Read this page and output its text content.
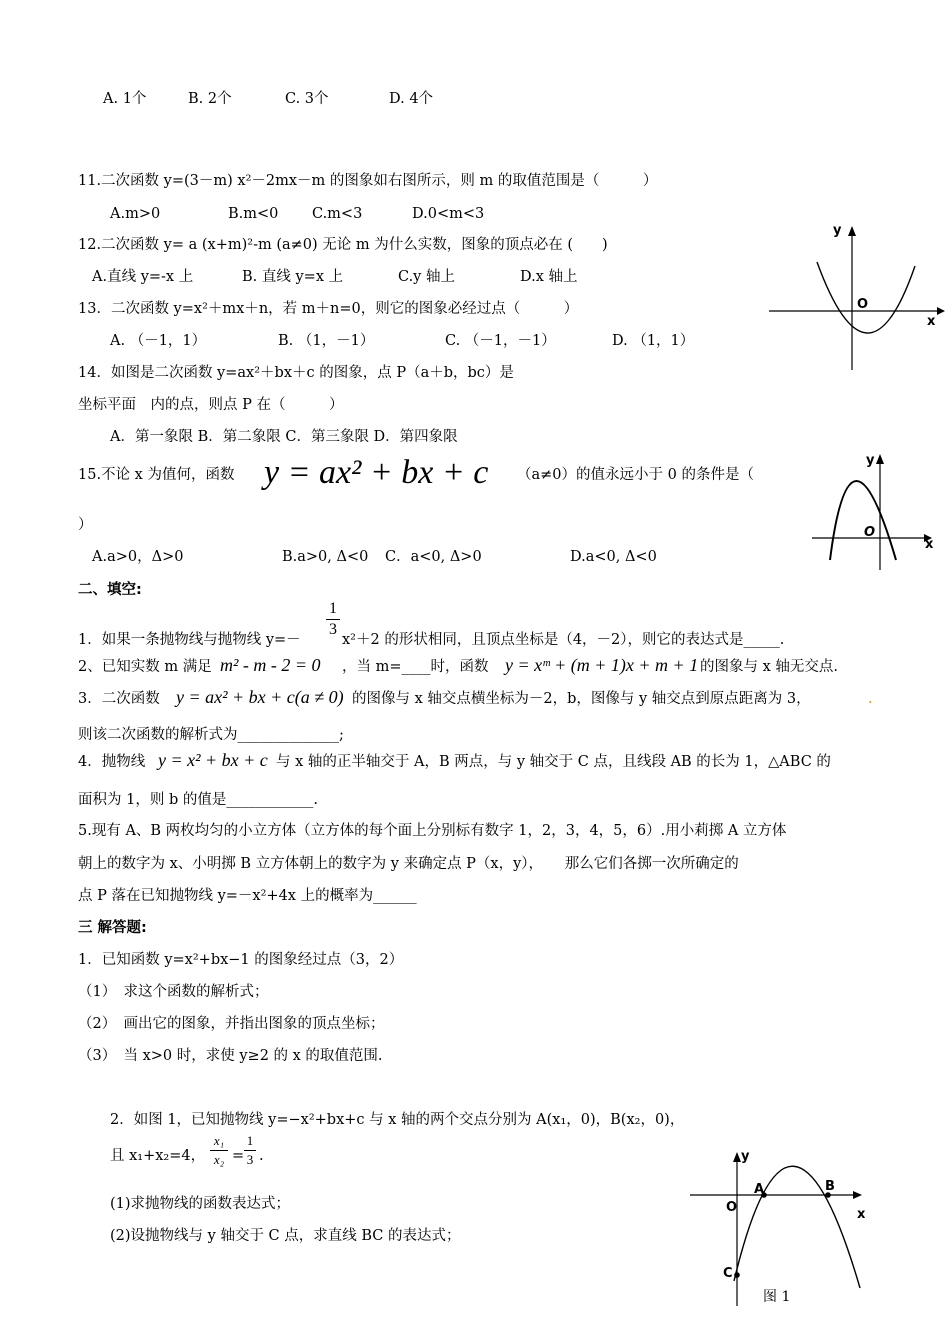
A. 1个	B. 2个	C. 3个	D. 4个
11.二次函数 y=(3－m) x²－2mx－m 的图象如右图所示，则 m 的取值范围是（　　　）
A.m>0	B.m<0 C.m<3	D.0<m<3
12.二次函数 y= a (x+m)²-m (a≠0) 无论 m 为什么实数，图象的顶点必在 (　　)
A.直线 y=-x 上	B. 直线 y=x 上	C.y 轴上	D.x 轴上
13．二次函数 y=x²＋mx＋n，若 m＋n=0，则它的图象必经过点（　　　）
A. （－1，1）	B. （1，－1）	C. （－1，－1）	D. （1，1）
y
O
x
14．如图是二次函数 y=ax²＋bx＋c 的图象，点 P（a＋b，bc）是
坐标平面　内的点，则点 P 在（　　　）
A．第一象限 B．第二象限 C．第三象限 D．第四象限
15.不论 x 为值何，函数 y = ax² + bx + c （a≠0）的值永远小于 0 的条件是（
）
A.a>0，Δ>0	B.a>0, Δ<0 C．a<0, Δ>0	D.a<0, Δ<0
y
O
x
二、填空:
1．如果一条抛物线与抛物线 y=－
1
3
x²＋2 的形状相同，且顶点坐标是（4，－2），则它的表达式是_____.
2、已知实数 m 满足 m² - m - 2 = 0 ，当 m=____时，函数 y = xᵐ + (m + 1)x + m + 1 的图象与 x 轴无交点.
3．二次函数 y = ax² + bx + c(a ≠ 0) 的图像与 x 轴交点横坐标为－2，b，图像与 y 轴交点到原点距离为 3，	.
则该二次函数的解析式为______________;
4．抛物线 y = x² + bx + c 与 x 轴的正半轴交于 A，B 两点，与 y 轴交于 C 点，且线段 AB 的长为 1，△ABC 的
面积为 1，则 b 的值是____________.
5.现有 A、B 两枚均匀的小立方体（立方体的每个面上分别标有数字 1，2，3，4，5，6）.用小莉掷 A 立方体
朝上的数字为 x、小明掷 B 立方体朝上的数字为 y 来确定点 P（x，y），　　那么它们各掷一次所确定的
点 P 落在已知抛物线 y=－x²+4x 上的概率为______
三 解答题:
1．已知函数 y=x²+bx−1 的图象经过点（3，2）
（1）　求这个函数的解析式；
（2）　画出它的图象，并指出图象的顶点坐标；
（3）　当 x>0 时，求使 y≥2 的 x 的取值范围.
2．如图 1，已知抛物线 y=−x²+bx+c 与 x 轴的两个交点分别为 A(x₁，0)，B(x₂，0)，
且 x₁+x₂=4，
x₁
x₂ =
1
3 .
(1)求抛物线的函数表达式；
(2)设抛物线与 y 轴交于 C 点，求直线 BC 的表达式；
y
O
A	B
x
C
图 1
